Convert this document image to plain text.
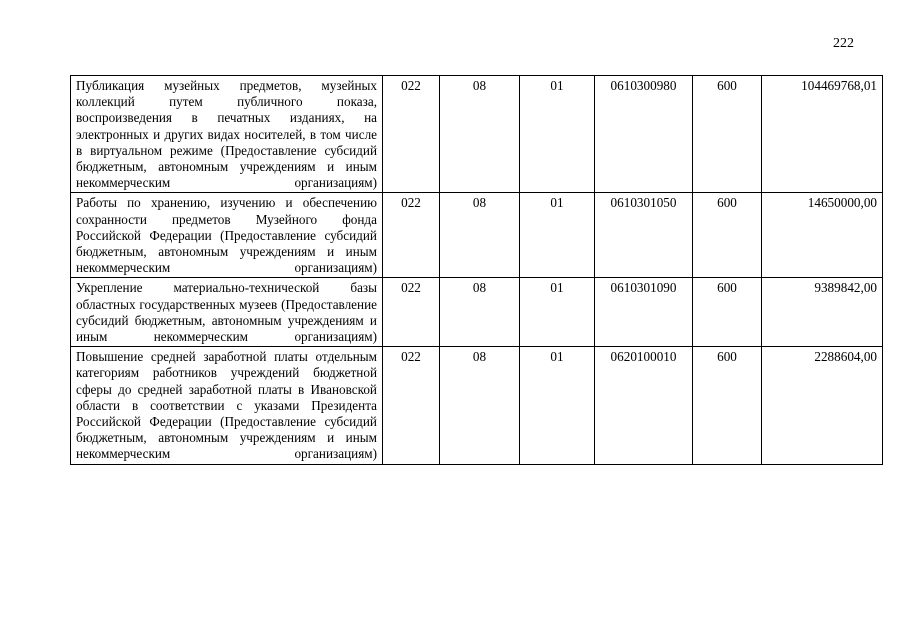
222
Публикация музейных предметов, музейных коллекций путем публичного показа, воспроизведения в печатных изданиях, на электронных и других видах носителей, в том числе в виртуальном режиме (Предоставление субсидий бюджетным, автономным учреждениям и иным некоммерческим организациям)	022	08	01	0610300980	600	104469768,01
Работы по хранению, изучению и обеспечению сохранности предметов Музейного фонда Российской Федерации (Предоставление субсидий бюджетным, автономным учреждениям и иным некоммерческим организациям)	022	08	01	0610301050	600	14650000,00
Укрепление материально-технической базы областных государственных музеев (Предоставление субсидий бюджетным, автономным учреждениям и иным некоммерческим организациям)	022	08	01	0610301090	600	9389842,00
Повышение средней заработной платы отдельным категориям работников учреждений бюджетной сферы до средней заработной платы в Ивановской области в соответствии с указами Президента Российской Федерации (Предоставление субсидий бюджетным, автономным учреждениям и иным некоммерческим организациям)	022	08	01	0620100010	600	2288604,00
